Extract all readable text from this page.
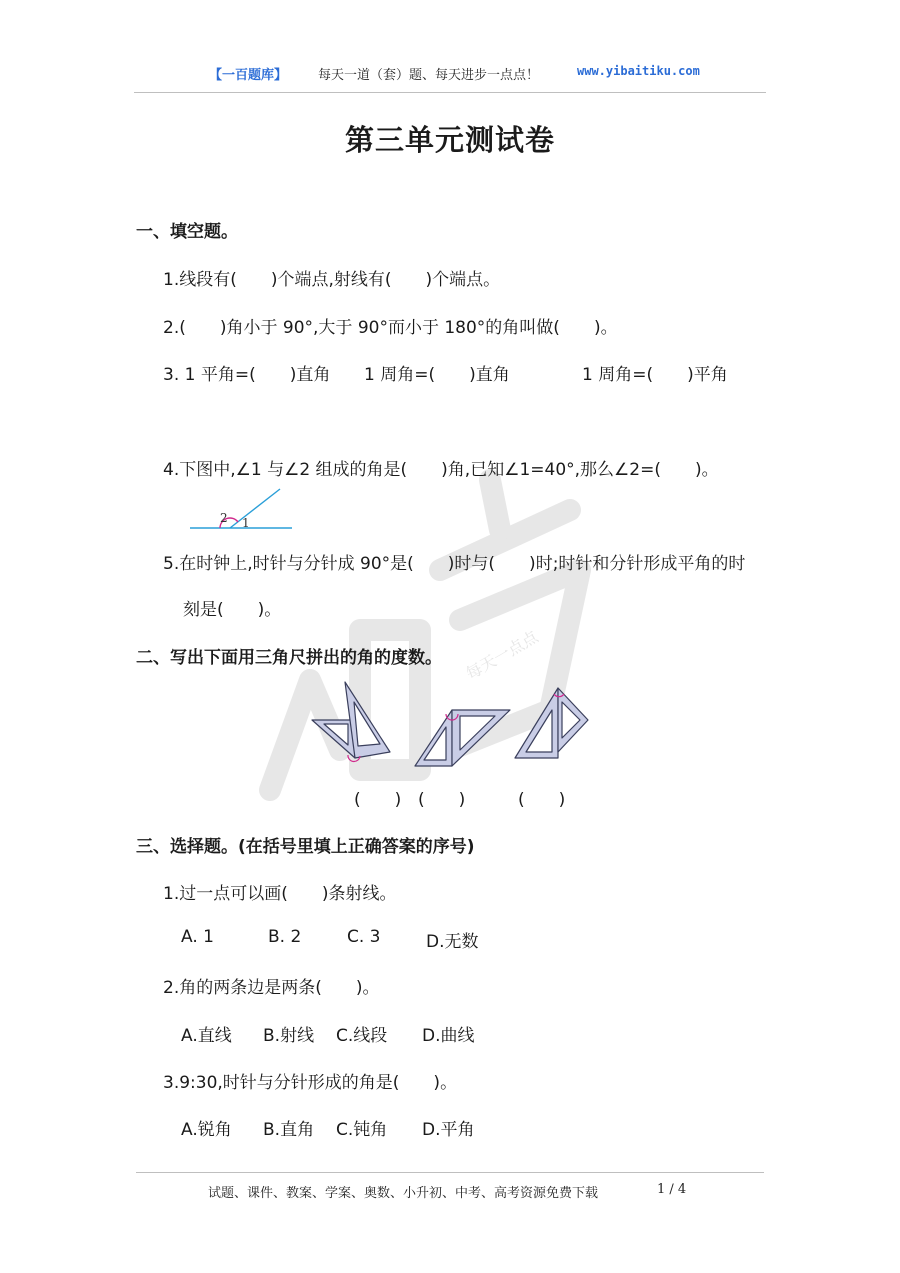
【一百题库】 每天一道（套）题、每天进步一点点！	www.yibaitiku.com
第三单元测试卷
每天一点点
一、填空题。
1.线段有(　　)个端点,射线有(　　)个端点。
2.(　　)角小于 90°,大于 90°而小于 180°的角叫做(　　)。
3. 1 平角=(　　)直角 1 周角=(　　)直角	1 周角=(　　)平角
4.下图中,∠1 与∠2 组成的角是(　　)角,已知∠1=40°,那么∠2=(　　)。
2 1
5.在时钟上,时针与分针成 90°是(　　)时与(　　)时;时针和分针形成平角的时
刻是(　　)。
二、写出下面用三角尺拼出的角的度数。
(　　) (　　)	(　　)
三、选择题。(在括号里填上正确答案的序号)
1.过一点可以画(　　)条射线。
A. 1	B. 2	C. 3	D.无数
2.角的两条边是两条(　　)。
A.直线 B.射线 C.线段 D.曲线
3.9:30,时针与分针形成的角是(　　)。
A.锐角 B.直角 C.钝角 D.平角
试题、课件、教案、学案、奥数、小升初、中考、高考资源免费下载	1 / 4
